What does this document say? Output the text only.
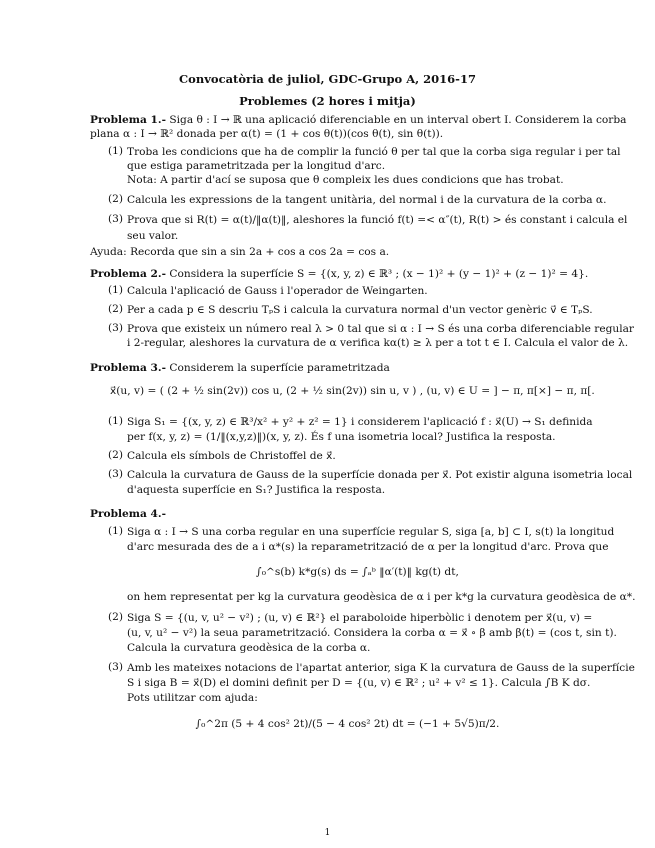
Convocatòria de juliol, GDC-Grupo A, 2016-17
Problemes (2 hores i mitja)
Problema 1.- Siga θ : I → ℝ una aplicació diferenciable en un interval obert I. Considerem la corba
plana α : I → ℝ² donada per α(t) = (1 + cos θ(t))(cos θ(t), sin θ(t)).
(1) Troba les condicions que ha de complir la funció θ per tal que la corba siga regular i per tal
que estiga parametritzada per la longitud d'arc.
Nota: A partir d'ací se suposa que θ compleix les dues condicions que has trobat.
(2) Calcula les expressions de la tangent unitària, del normal i de la curvatura de la corba α.
(3) Prova que si R(t) = α(t)/‖α(t)‖, aleshores la funció f(t) =< α″(t), R(t) > és constant i calcula el
seu valor.
Ayuda: Recorda que sin a sin 2a + cos a cos 2a = cos a.
Problema 2.- Considera la superfície S = {(x, y, z) ∈ ℝ³ ; (x − 1)² + (y − 1)² + (z − 1)² = 4}.
(1) Calcula l'aplicació de Gauss i l'operador de Weingarten.
(2) Per a cada p ∈ S descriu TₚS i calcula la curvatura normal d'un vector genèric v⃗ ∈ TₚS.
(3) Prova que existeix un número real λ > 0 tal que si α : I → S és una corba diferenciable regular
i 2-regular, aleshores la curvatura de α verifica kα(t) ≥ λ per a tot t ∈ I. Calcula el valor de λ.
Problema 3.- Considerem la superfície parametritzada
x⃗(u, v) = ( (2 + ½ sin(2v)) cos u, (2 + ½ sin(2v)) sin u, v ) , (u, v) ∈ U = ] − π, π[×] − π, π[.
(1) Siga S₁ = {(x, y, z) ∈ ℝ³/x² + y² + z² = 1} i considerem l'aplicació f : x⃗(U) → S₁ definida
per f(x, y, z) = (1/‖(x,y,z)‖)(x, y, z). És f una isometria local? Justifica la resposta.
(2) Calcula els símbols de Christoffel de x⃗.
(3) Calcula la curvatura de Gauss de la superfície donada per x⃗. Pot existir alguna isometria local
d'aquesta superfície en S₁? Justifica la resposta.
Problema 4.-
(1) Siga α : I → S una corba regular en una superfície regular S, siga [a, b] ⊂ I, s(t) la longitud
d'arc mesurada des de a i α*(s) la reparametrització de α per la longitud d'arc. Prova que
∫₀^s(b) k*g(s) ds = ∫ₐᵇ ‖α′(t)‖ kg(t) dt,
on hem representat per kg la curvatura geodèsica de α i per k*g la curvatura geodèsica de α*.
(2) Siga S = {(u, v, u² − v²) ; (u, v) ∈ ℝ²} el paraboloide hiperbòlic i denotem per x⃗(u, v) =
(u, v, u² − v²) la seua parametrització. Considera la corba α = x⃗ ∘ β amb β(t) = (cos t, sin t).
Calcula la curvatura geodèsica de la corba α.
(3) Amb les mateixes notacions de l'apartat anterior, siga K la curvatura de Gauss de la superfície
S i siga B = x⃗(D) el domini definit per D = {(u, v) ∈ ℝ² ; u² + v² ≤ 1}. Calcula ∫B K dσ.
Pots utilitzar com ajuda:
∫₀^2π (5 + 4 cos² 2t)/(5 − 4 cos² 2t) dt = (−1 + 5√5)π/2.
1
